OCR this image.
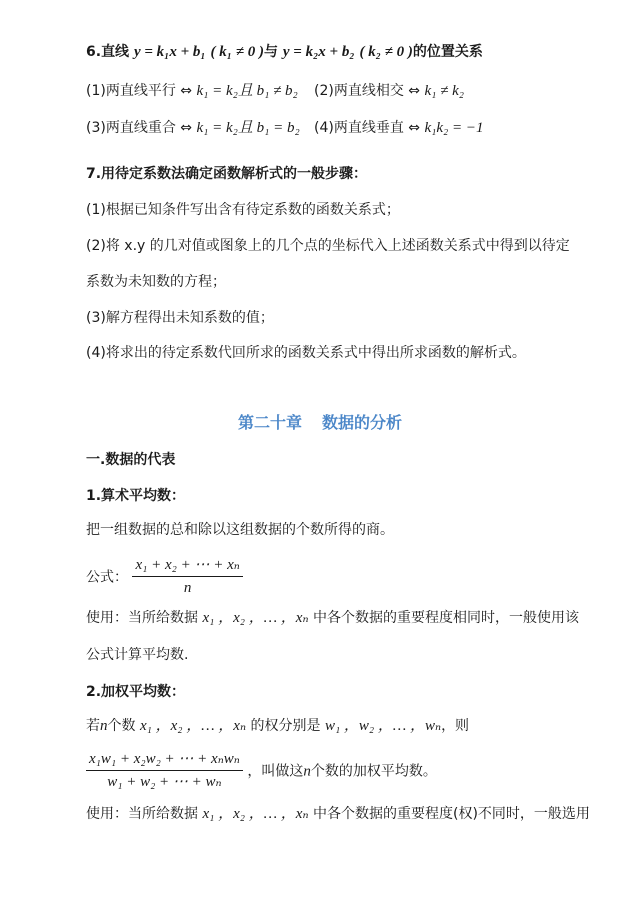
6.直线 y = k₁x + b₁ ( k₁ ≠ 0 )与 y = k₂x + b₂ ( k₂ ≠ 0 )的位置关系
(1)两直线平行 ⇔ k₁ = k₂且 b₁ ≠ b₂ (2)两直线相交 ⇔ k₁ ≠ k₂
(3)两直线重合 ⇔ k₁ = k₂且 b₁ = b₂ (4)两直线垂直 ⇔ k₁k₂ = −1
7.用待定系数法确定函数解析式的一般步骤：
(1)根据已知条件写出含有待定系数的函数关系式；
(2)将 x.y 的几对值或图象上的几个点的坐标代入上述函数关系式中得到以待定
系数为未知数的方程；
(3)解方程得出未知系数的值；
(4)将求出的待定系数代回所求的函数关系式中得出所求函数的解析式。
第二十章 数据的分析
一.数据的代表
1.算术平均数：
把一组数据的总和除以这组数据的个数所得的商。
公式： $\frac{\text{x₁ + x₂ + ⋯ + xₙ}}{n}$
使用：当所给数据 x₁ ，x₂ ，… ，xₙ 中各个数据的重要程度相同时，一般使用该
公式计算平均数.
2.加权平均数：
若n个数 x₁ ，x₂ ，… ，xₙ 的权分别是 w₁ ，w₂ ，… ，wₙ，则
$\frac{\text{x₁w₁ + x₂w₂ + ⋯ + xₙwₙ}}{\text{w₁ + w₂ + ⋯ + wₙ}}$ ，叫做这n个数的加权平均数。
使用：当所给数据 x₁ ，x₂ ，… ，xₙ 中各个数据的重要程度(权)不同时，一般选用
